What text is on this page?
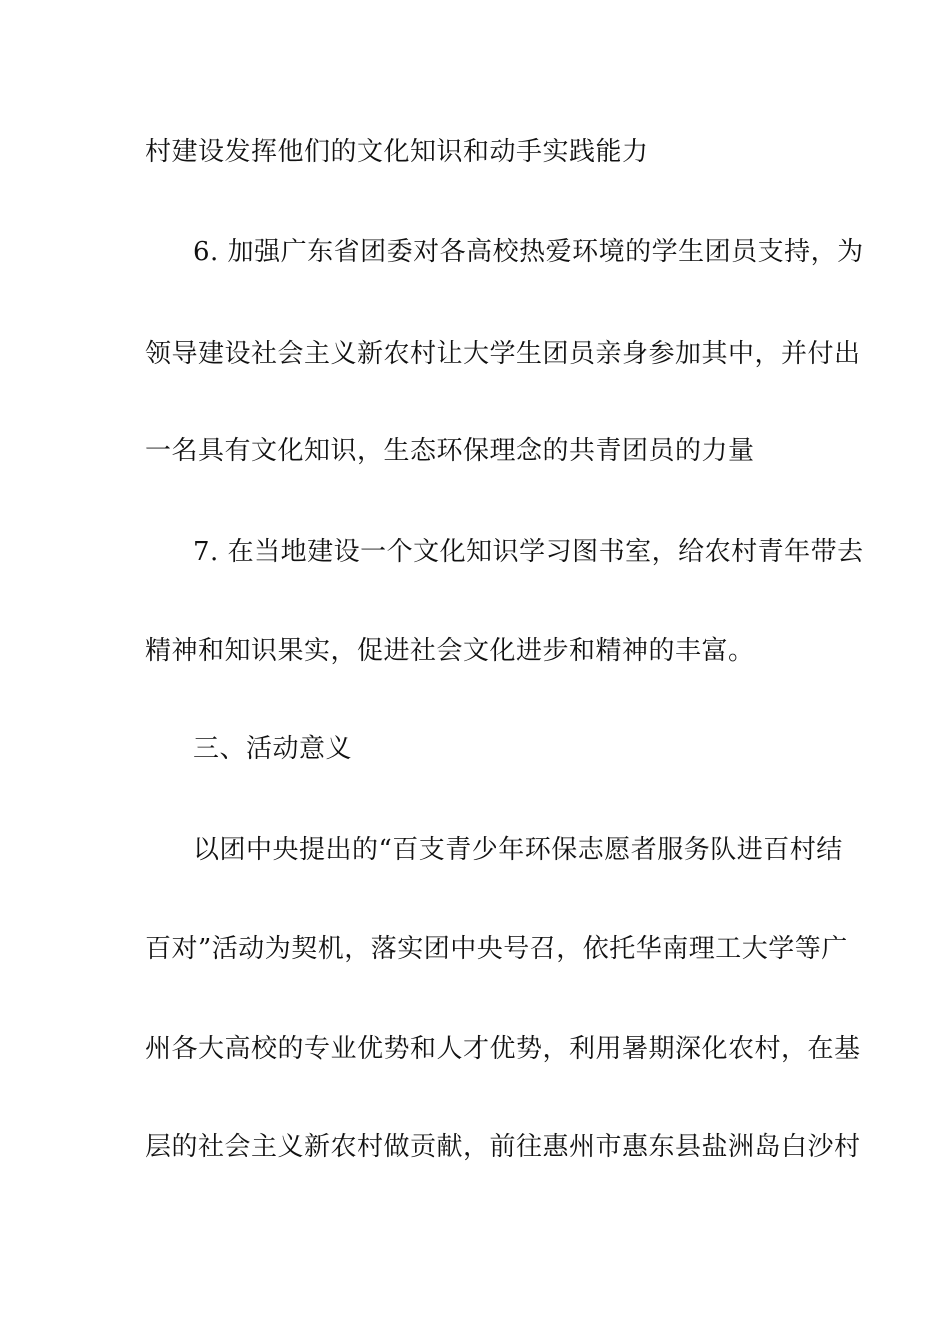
村建设发挥他们的文化知识和动手实践能力
6. 加强广东省团委对各高校热爱环境的学生团员支持，为
领导建设社会主义新农村让大学生团员亲身参加其中，并付出
一名具有文化知识，生态环保理念的共青团员的力量
7. 在当地建设一个文化知识学习图书室，给农村青年带去
精神和知识果实，促进社会文化进步和精神的丰富。
三、活动意义
以团中央提出的“百支青少年环保志愿者服务队进百村结
百对”活动为契机，落实团中央号召，依托华南理工大学等广
州各大高校的专业优势和人才优势，利用暑期深化农村，在基
层的社会主义新农村做贡献，前往惠州市惠东县盐洲岛白沙村
